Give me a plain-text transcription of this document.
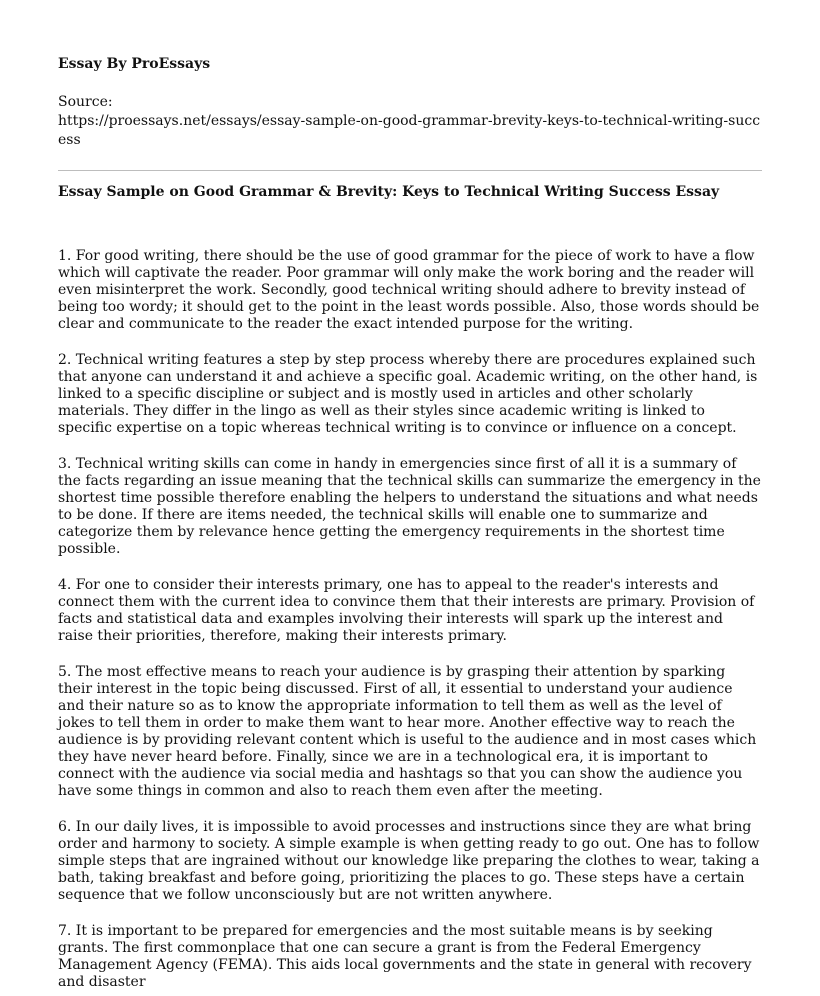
Essay By ProEssays

Source:
https://proessays.net/essays/essay-sample-on-good-grammar-brevity-keys-to-technical-writing-success
Essay Sample on Good Grammar & Brevity: Keys to Technical Writing Success Essay

1. For good writing, there should be the use of good grammar for the piece of work to have a flow which will captivate the reader. Poor grammar will only make the work boring and the reader will even misinterpret the work. Secondly, good technical writing should adhere to brevity instead of being too wordy; it should get to the point in the least words possible. Also, those words should be clear and communicate to the reader the exact intended purpose for the writing.

2. Technical writing features a step by step process whereby there are procedures explained such that anyone can understand it and achieve a specific goal. Academic writing, on the other hand, is linked to a specific discipline or subject and is mostly used in articles and other scholarly materials. They differ in the lingo as well as their styles since academic writing is linked to specific expertise on a topic whereas technical writing is to convince or influence on a concept.

3. Technical writing skills can come in handy in emergencies since first of all it is a summary of the facts regarding an issue meaning that the technical skills can summarize the emergency in the shortest time possible therefore enabling the helpers to understand the situations and what needs to be done. If there are items needed, the technical skills will enable one to summarize and categorize them by relevance hence getting the emergency requirements in the shortest time possible.

4. For one to consider their interests primary, one has to appeal to the reader's interests and connect them with the current idea to convince them that their interests are primary. Provision of facts and statistical data and examples involving their interests will spark up the interest and raise their priorities, therefore, making their interests primary.

5. The most effective means to reach your audience is by grasping their attention by sparking their interest in the topic being discussed. First of all, it essential to understand your audience and their nature so as to know the appropriate information to tell them as well as the level of jokes to tell them in order to make them want to hear more. Another effective way to reach the audience is by providing relevant content which is useful to the audience and in most cases which they have never heard before. Finally, since we are in a technological era, it is important to connect with the audience via social media and hashtags so that you can show the audience you have some things in common and also to reach them even after the meeting.

6. In our daily lives, it is impossible to avoid processes and instructions since they are what bring order and harmony to society. A simple example is when getting ready to go out. One has to follow simple steps that are ingrained without our knowledge like preparing the clothes to wear, taking a bath, taking breakfast and before going, prioritizing the places to go. These steps have a certain sequence that we follow unconsciously but are not written anywhere.

7. It is important to be prepared for emergencies and the most suitable means is by seeking grants. The first commonplace that one can secure a grant is from the Federal Emergency Management Agency (FEMA). This aids local governments and the state in general with recovery and disaster
